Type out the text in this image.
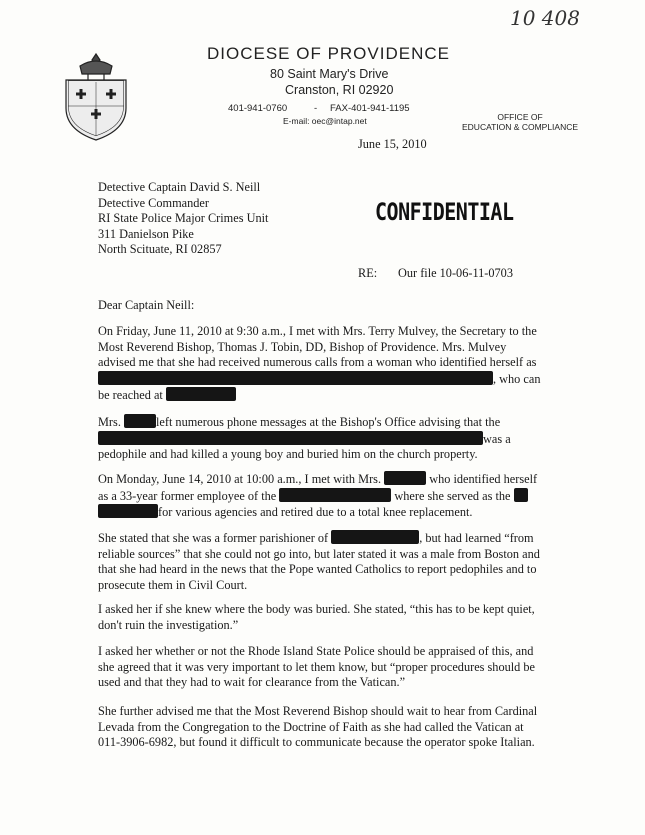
10 408
DIOCESE OF PROVIDENCE
80 Saint Mary's Drive
Cranston, RI 02920
401-941-0760	- FAX-401-941-1195
E-mail: oec@intap.net	OFFICE OF
EDUCATION & COMPLIANCE
June 15, 2010
Detective Captain David S. Neill
Detective Commander
RI State Police Major Crimes Unit
311 Danielson Pike
North Scituate, RI 02857
CONFIDENTIAL
RE: Our file 10-06-11-0703
Dear Captain Neill:
On Friday, June 11, 2010 at 9:30 a.m., I met with Mrs. Terry Mulvey, the Secretary to the
Most Reverend Bishop, Thomas J. Tobin, DD, Bishop of Providence. Mrs. Mulvey
advised me that she had received numerous calls from a woman who identified herself as
, who can
be reached at
Mrs.	left numerous phone messages at the Bishop's Office advising that the
was a
pedophile and had killed a young boy and buried him on the church property.
On Monday, June 14, 2010 at 10:00 a.m., I met with Mrs.	who identified herself
as a 33-year former employee of the	where she served as the
for various agencies and retired due to a total knee replacement.
She stated that she was a former parishioner of	, but had learned “from
reliable sources” that she could not go into, but later stated it was a male from Boston and
that she had heard in the news that the Pope wanted Catholics to report pedophiles and to
prosecute them in Civil Court.
I asked her if she knew where the body was buried. She stated, “this has to be kept quiet,
don't ruin the investigation.”
I asked her whether or not the Rhode Island State Police should be appraised of this, and
she agreed that it was very important to let them know, but “proper procedures should be
used and that they had to wait for clearance from the Vatican.”
She further advised me that the Most Reverend Bishop should wait to hear from Cardinal
Levada from the Congregation to the Doctrine of Faith as she had called the Vatican at
011-3906-6982, but found it difficult to communicate because the operator spoke Italian.
